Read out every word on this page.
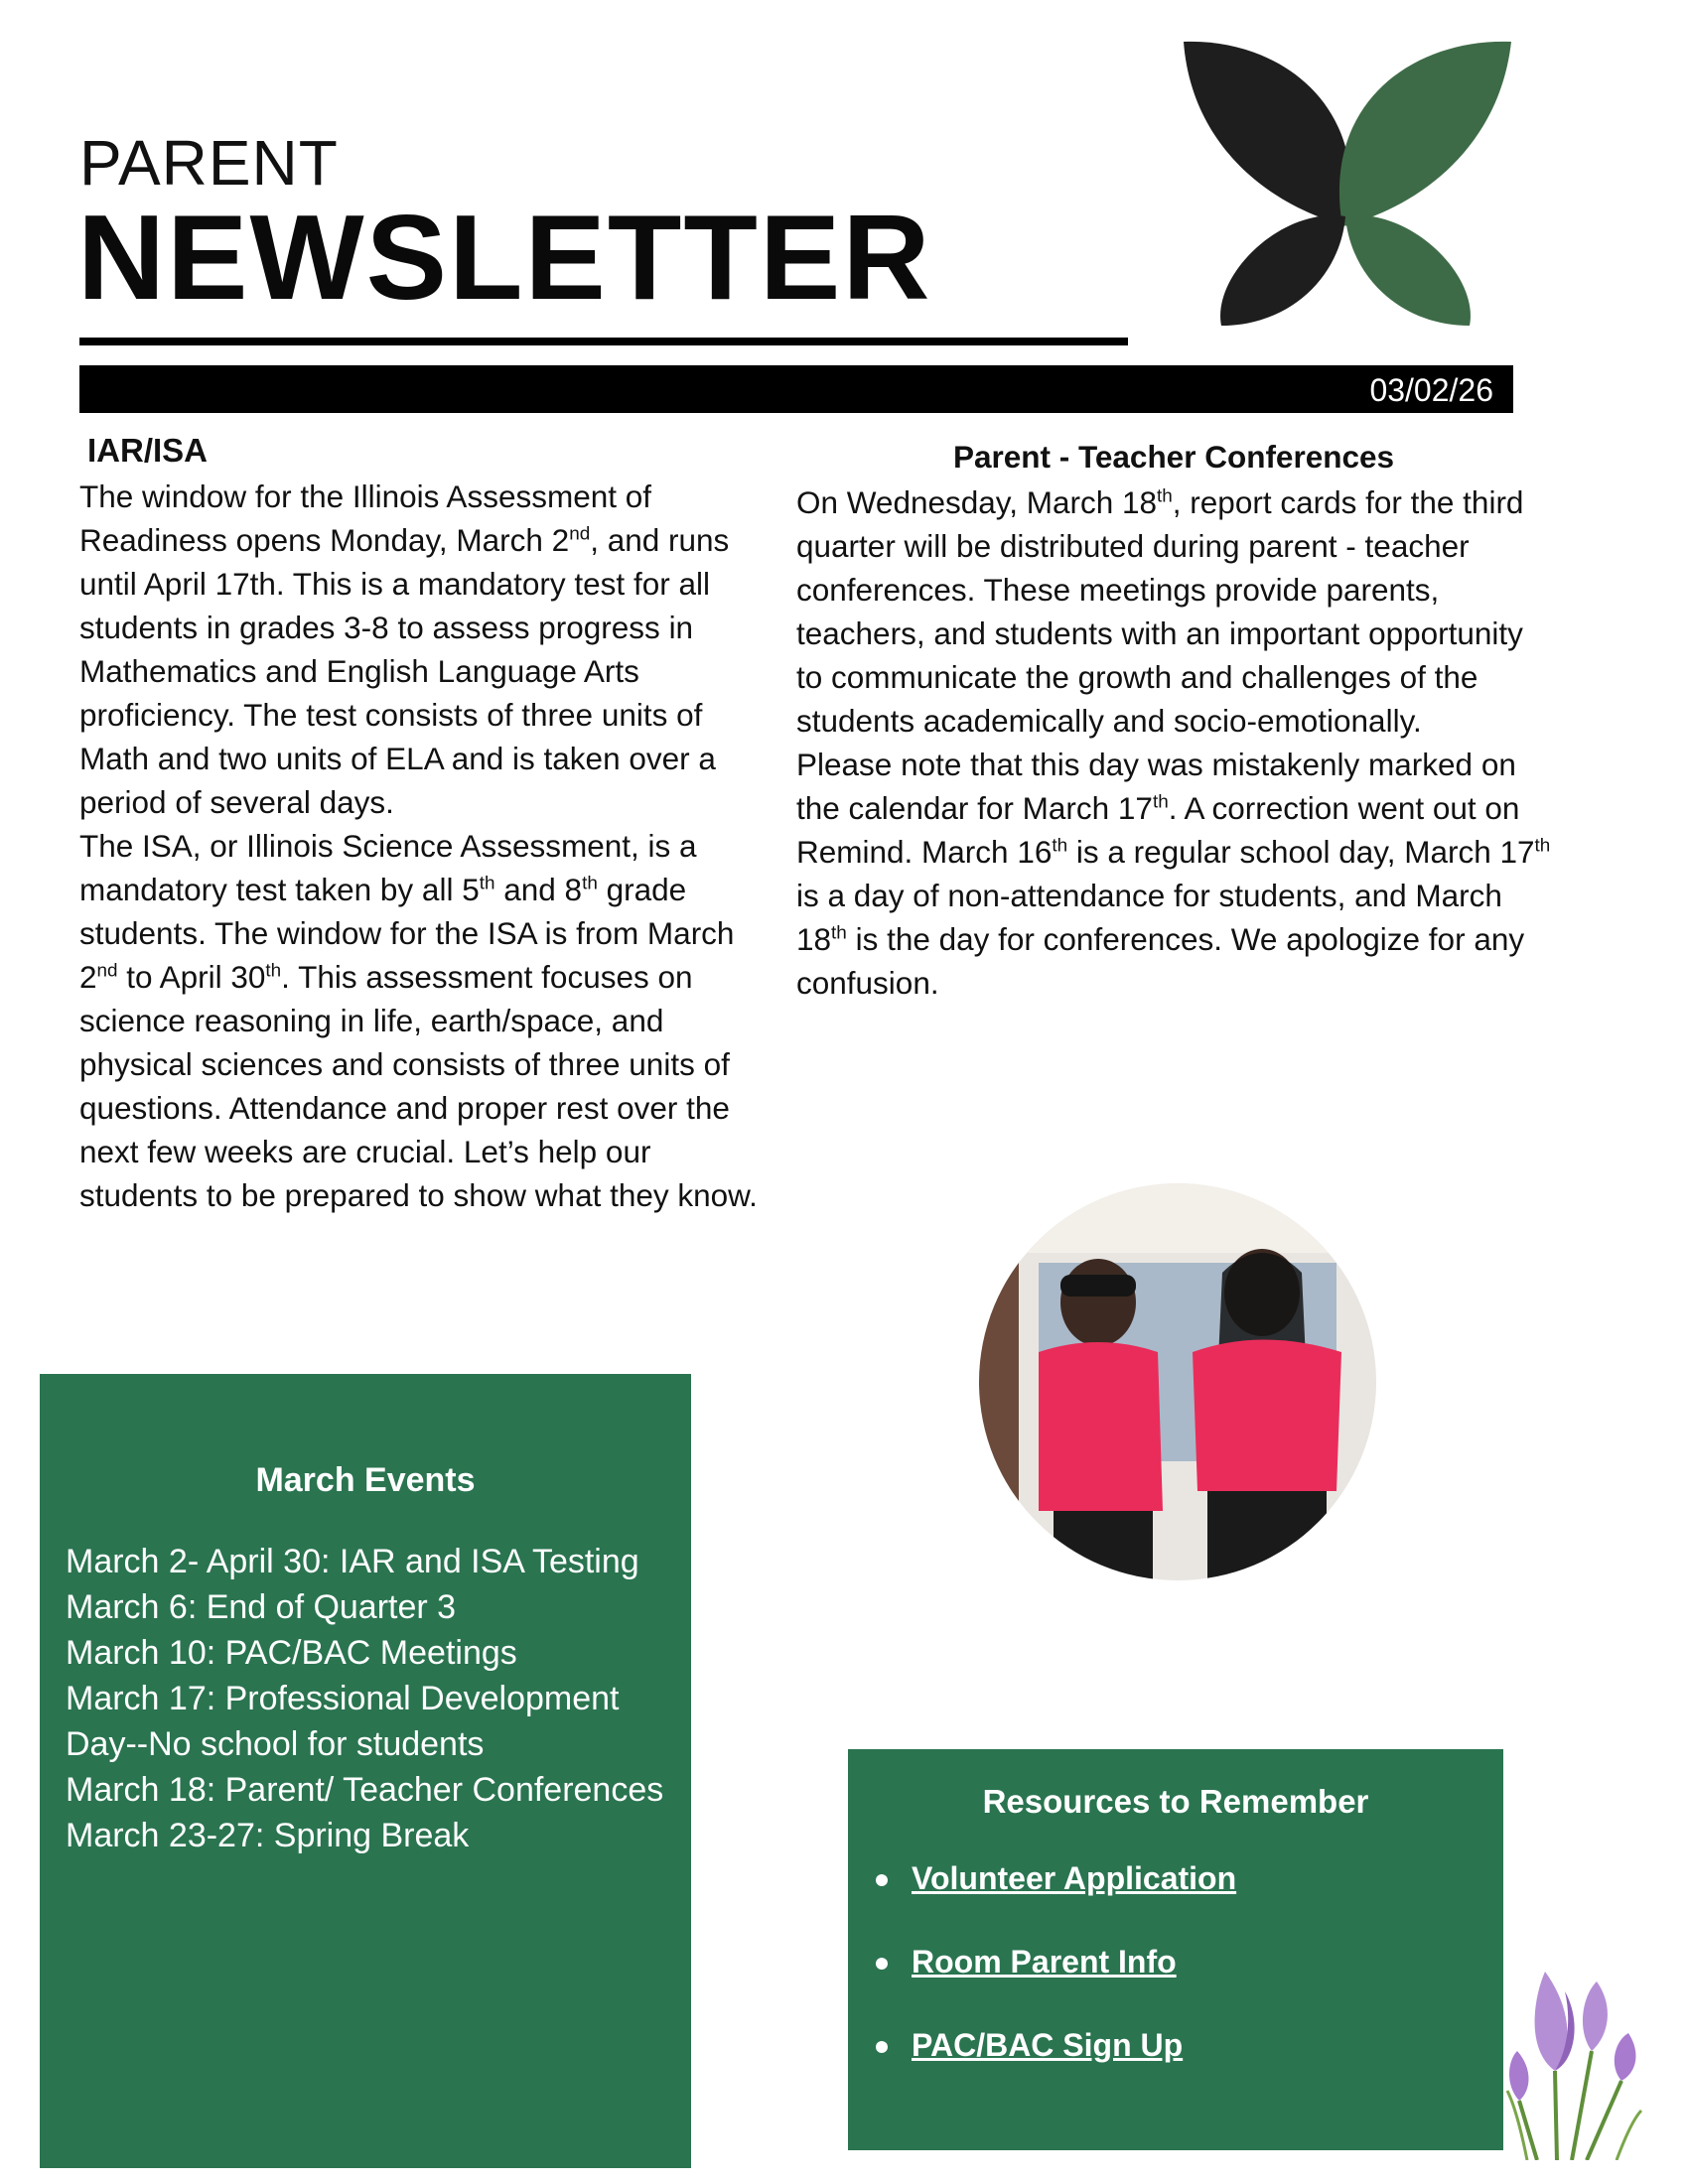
PARENT
NEWSLETTER
03/02/26
IAR/ISA

The window for the Illinois Assessment of Readiness opens Monday, March 2nd, and runs until April 17th. This is a mandatory test for all students in grades 3-8 to assess progress in Mathematics and English Language Arts proficiency. The test consists of three units of Math and two units of ELA and is taken over a period of several days.

The ISA, or Illinois Science Assessment, is a mandatory test taken by all 5th and 8th grade students. The window for the ISA is from March 2nd to April 30th. This assessment focuses on science reasoning in life, earth/space, and physical sciences and consists of three units of questions. Attendance and proper rest over the next few weeks are crucial. Let’s help our students to be prepared to show what they know.

Parent - Teacher Conferences

On Wednesday, March 18th, report cards for the third quarter will be distributed during parent - teacher conferences. These meetings provide parents, teachers, and students with an important opportunity to communicate the growth and challenges of the students academically and socio-emotionally.

Please note that this day was mistakenly marked on the calendar for March 17th. A correction went out on Remind. March 16th is a regular school day, March 17th is a day of non-attendance for students, and March 18th is the day for conferences. We apologize for any confusion.

March Events
March 2- April 30: IAR and ISA Testing
March 6: End of Quarter 3
March 10: PAC/BAC Meetings
March 17: Professional Development Day--No school for students
March 18: Parent/ Teacher Conferences
March 23-27: Spring Break
Resources to Remember
Volunteer Application
Room Parent Info
PAC/BAC Sign Up
